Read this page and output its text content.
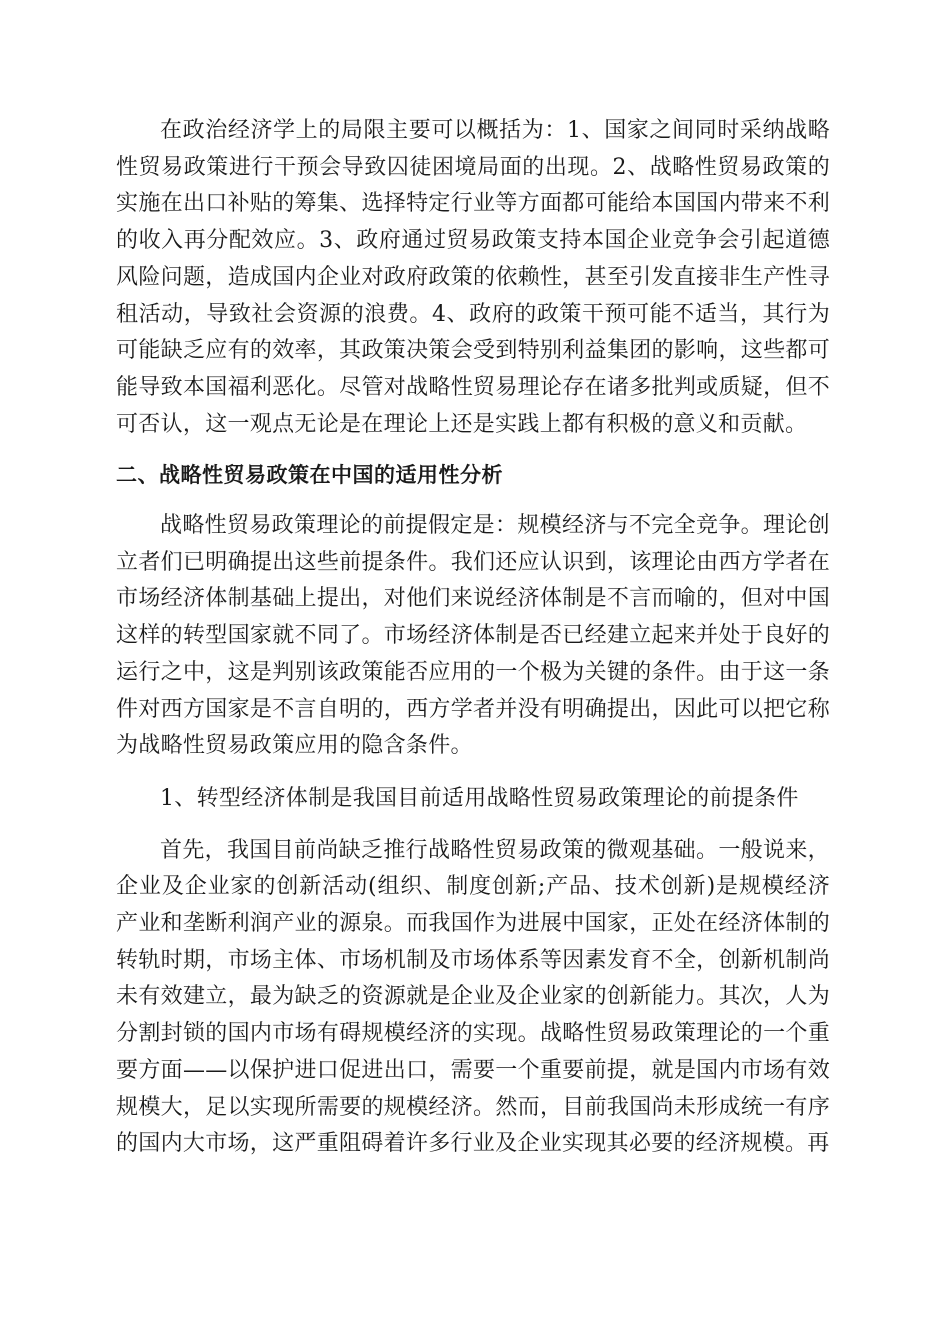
在政治经济学上的局限主要可以概括为：1、国家之间同时采纳战略性贸易政策进行干预会导致囚徒困境局面的出现。2、战略性贸易政策的实施在出口补贴的筹集、选择特定行业等方面都可能给本国国内带来不利的收入再分配效应。3、政府通过贸易政策支持本国企业竞争会引起道德风险问题，造成国内企业对政府政策的依赖性，甚至引发直接非生产性寻租活动，导致社会资源的浪费。4、政府的政策干预可能不适当，其行为可能缺乏应有的效率，其政策决策会受到特别利益集团的影响，这些都可能导致本国福利恶化。尽管对战略性贸易理论存在诸多批判或质疑，但不可否认，这一观点无论是在理论上还是实践上都有积极的意义和贡献。

二、战略性贸易政策在中国的适用性分析

战略性贸易政策理论的前提假定是：规模经济与不完全竞争。理论创立者们已明确提出这些前提条件。我们还应认识到，该理论由西方学者在市场经济体制基础上提出，对他们来说经济体制是不言而喻的，但对中国这样的转型国家就不同了。市场经济体制是否已经建立起来并处于良好的运行之中，这是判别该政策能否应用的一个极为关键的条件。由于这一条件对西方国家是不言自明的，西方学者并没有明确提出，因此可以把它称为战略性贸易政策应用的隐含条件。

1、转型经济体制是我国目前适用战略性贸易政策理论的前提条件

首先，我国目前尚缺乏推行战略性贸易政策的微观基础。一般说来，企业及企业家的创新活动(组织、制度创新;产品、技术创新)是规模经济产业和垄断利润产业的源泉。而我国作为进展中国家，正处在经济体制的转轨时期，市场主体、市场机制及市场体系等因素发育不全，创新机制尚未有效建立，最为缺乏的资源就是企业及企业家的创新能力。其次，人为分割封锁的国内市场有碍规模经济的实现。战略性贸易政策理论的一个重要方面——以保护进口促进出口，需要一个重要前提，就是国内市场有效规模大，足以实现所需要的规模经济。然而，目前我国尚未形成统一有序的国内大市场，这严重阻碍着许多行业及企业实现其必要的经济规模。再
